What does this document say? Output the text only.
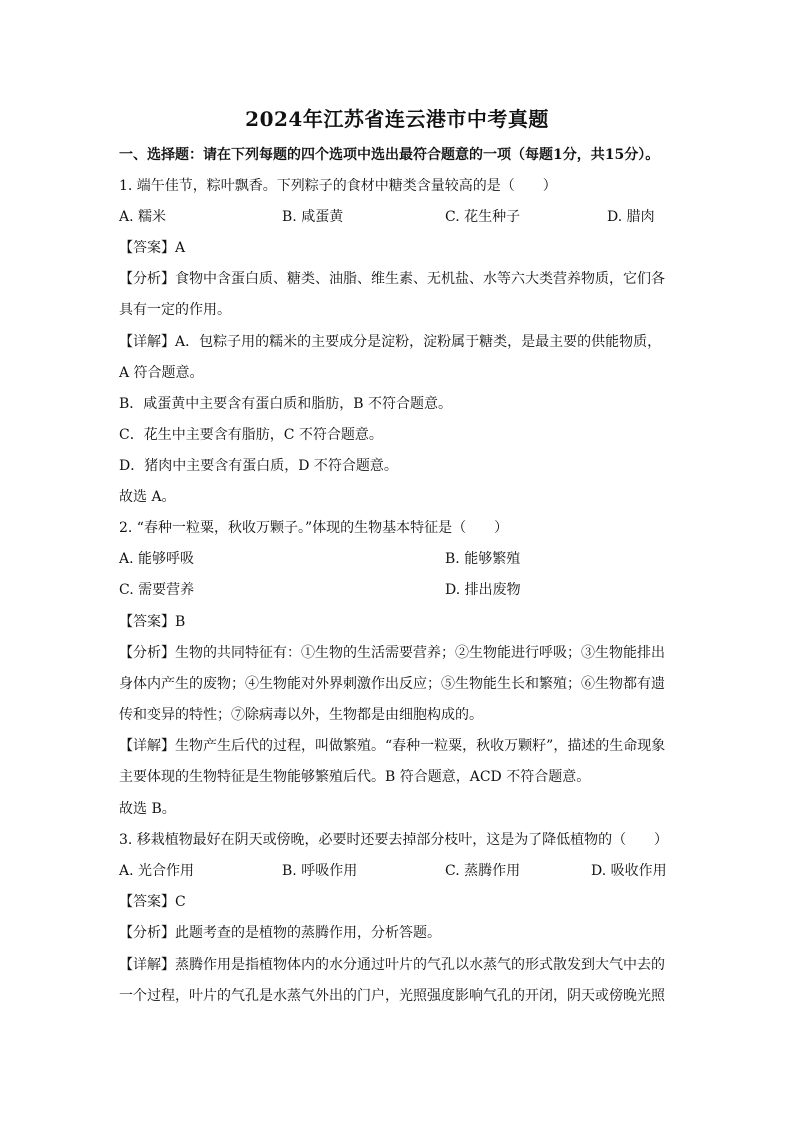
2024年江苏省连云港市中考真题
一、选择题：请在下列每题的四个选项中选出最符合题意的一项（每题1分，共15分）。
1. 端午佳节，粽叶飘香。下列粽子的食材中糖类含量较高的是（　　）
A. 糯米	B. 咸蛋黄	C. 花生种子	D. 腊肉
【答案】A
【分析】食物中含蛋白质、糖类、油脂、维生素、无机盐、水等六大类营养物质，它们各
具有一定的作用。
【详解】A．包粽子用的糯米的主要成分是淀粉，淀粉属于糖类，是最主要的供能物质，
A 符合题意。
B．咸蛋黄中主要含有蛋白质和脂肪，B 不符合题意。
C．花生中主要含有脂肪，C 不符合题意。
D．猪肉中主要含有蛋白质，D 不符合题意。
故选 A。
2. “春种一粒粟，秋收万颗子。”体现的生物基本特征是（　　）
A. 能够呼吸	B. 能够繁殖
C. 需要营养	D. 排出废物
【答案】B
【分析】生物的共同特征有：①生物的生活需要营养；②生物能进行呼吸；③生物能排出
身体内产生的废物；④生物能对外界刺激作出反应；⑤生物能生长和繁殖；⑥生物都有遗
传和变异的特性；⑦除病毒以外，生物都是由细胞构成的。
【详解】生物产生后代的过程，叫做繁殖。“春种一粒粟，秋收万颗籽”，描述的生命现象
主要体现的生物特征是生物能够繁殖后代。B 符合题意，ACD 不符合题意。
故选 B。
3. 移栽植物最好在阴天或傍晚，必要时还要去掉部分枝叶，这是为了降低植物的（　　）
A. 光合作用	B. 呼吸作用	C. 蒸腾作用	D. 吸收作用
【答案】C
【分析】此题考查的是植物的蒸腾作用，分析答题。
【详解】蒸腾作用是指植物体内的水分通过叶片的气孔以水蒸气的形式散发到大气中去的
一个过程，叶片的气孔是水蒸气外出的门户，光照强度影响气孔的开闭，阴天或傍晚光照
